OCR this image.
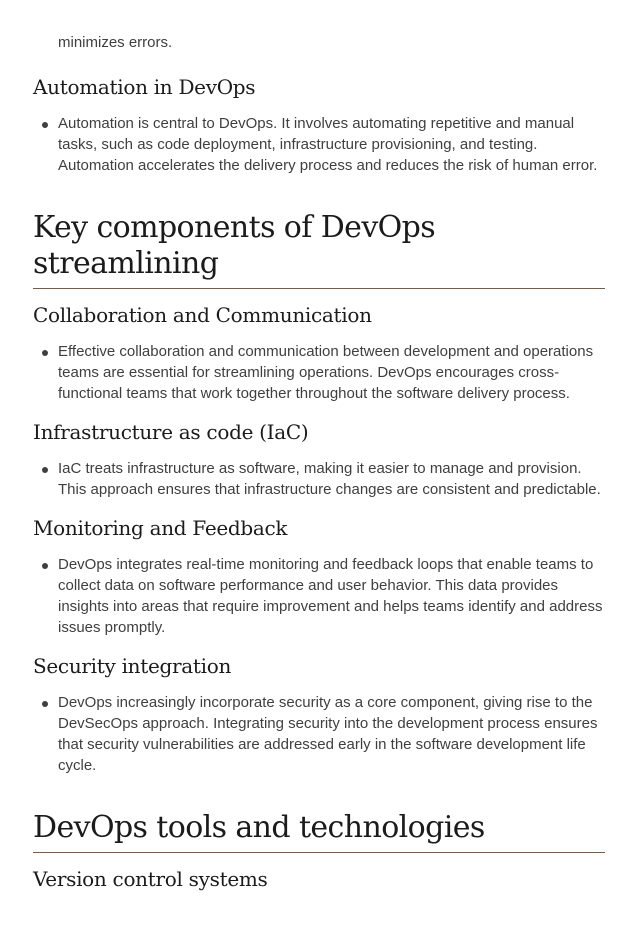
minimizes errors.
Automation in DevOps
Automation is central to DevOps. It involves automating repetitive and manual tasks, such as code deployment, infrastructure provisioning, and testing. Automation accelerates the delivery process and reduces the risk of human error.
Key components of DevOps streamlining
Collaboration and Communication
Effective collaboration and communication between development and operations teams are essential for streamlining operations. DevOps encourages cross-functional teams that work together throughout the software delivery process.
Infrastructure as code (IaC)
IaC treats infrastructure as software, making it easier to manage and provision. This approach ensures that infrastructure changes are consistent and predictable.
Monitoring and Feedback
DevOps integrates real-time monitoring and feedback loops that enable teams to collect data on software performance and user behavior. This data provides insights into areas that require improvement and helps teams identify and address issues promptly.
Security integration
DevOps increasingly incorporate security as a core component, giving rise to the DevSecOps approach. Integrating security into the development process ensures that security vulnerabilities are addressed early in the software development life cycle.
DevOps tools and technologies
Version control systems
